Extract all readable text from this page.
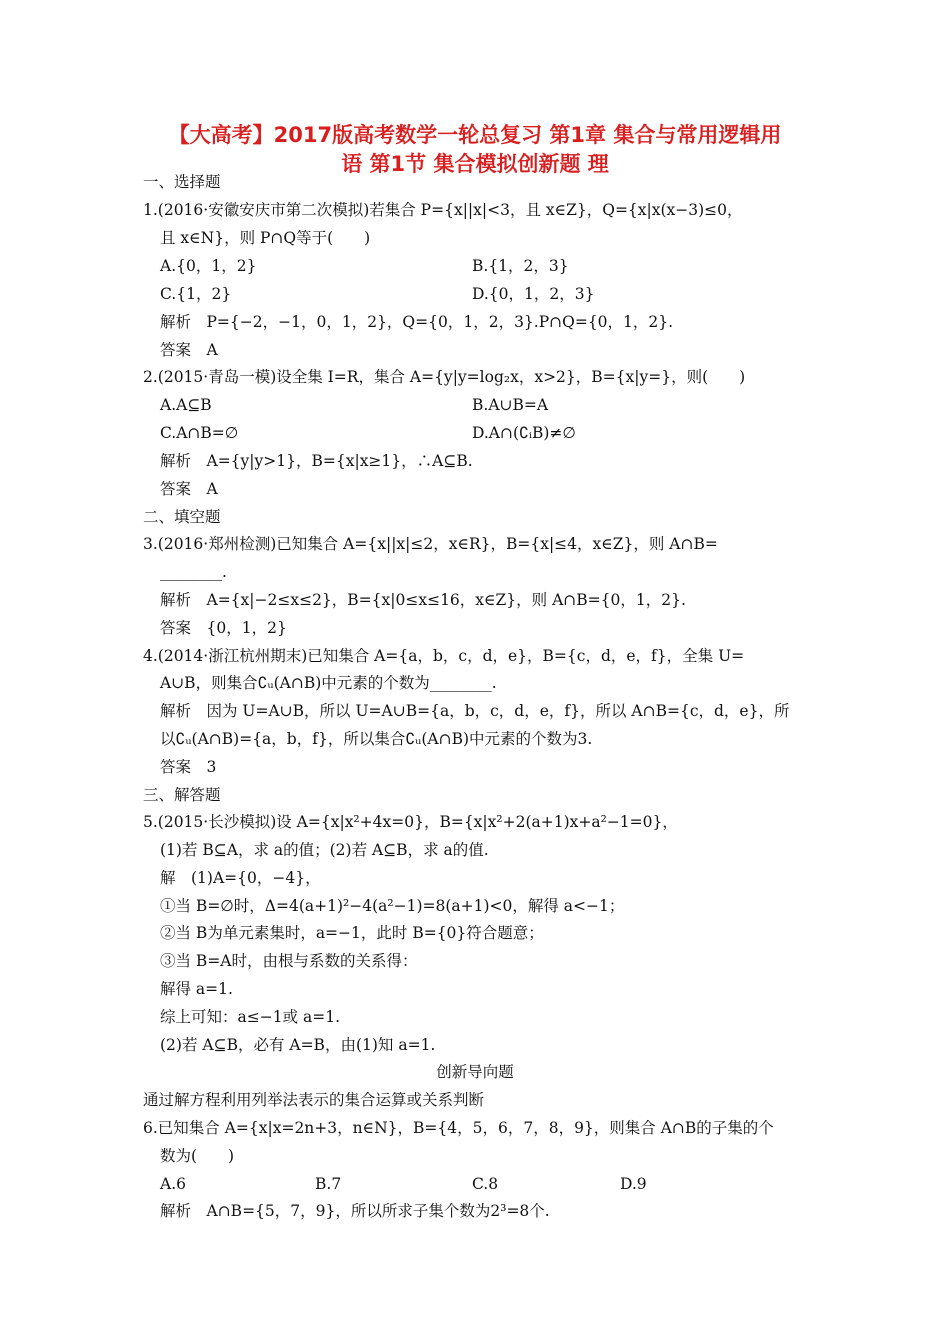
【大高考】2017版高考数学一轮总复习 第1章 集合与常用逻辑用
语 第1节 集合模拟创新题 理
一、选择题
1.(2016·安徽安庆市第二次模拟)若集合 P={x||x|<3，且 x∈Z}，Q={x|x(x−3)≤0，
且 x∈N}，则 P∩Q等于(　　)
A.{0，1，2}	B.{1，2，3}
C.{1，2}	D.{0，1，2，3}
解析　P={−2，−1，0，1，2}，Q={0，1，2，3}.P∩Q={0，1，2}.
答案　A
2.(2015·青岛一模)设全集 I=R，集合 A={y|y=log₂x，x>2}，B={x|y=}，则(　　)
A.A⊆B	B.A∪B=A
C.A∩B=∅	D.A∩(∁ᵢB)≠∅
解析　A={y|y>1}，B={x|x≥1}，∴A⊆B.
答案　A
二、填空题
3.(2016·郑州检测)已知集合 A={x||x|≤2，x∈R}，B={x|≤4，x∈Z}，则 A∩B=
________.
解析　A={x|−2≤x≤2}，B={x|0≤x≤16，x∈Z}，则 A∩B={0，1，2}.
答案　{0，1，2}
4.(2014·浙江杭州期末)已知集合 A={a，b，c，d，e}，B={c，d，e，f}，全集 U=
A∪B，则集合∁ᵤ(A∩B)中元素的个数为________.
解析　因为 U=A∪B，所以 U=A∪B={a，b，c，d，e，f}，所以 A∩B={c，d，e}，所
以∁ᵤ(A∩B)={a，b，f}，所以集合∁ᵤ(A∩B)中元素的个数为3.
答案　3
三、解答题
5.(2015·长沙模拟)设 A={x|x²+4x=0}，B={x|x²+2(a+1)x+a²−1=0}，
(1)若 B⊆A，求 a的值；(2)若 A⊆B，求 a的值.
解　(1)A={0，−4}，
①当 B=∅时，Δ=4(a+1)²−4(a²−1)=8(a+1)<0，解得 a<−1；
②当 B为单元素集时，a=−1，此时 B={0}符合题意；
③当 B=A时，由根与系数的关系得：
解得 a=1.
综上可知：a≤−1或 a=1.
(2)若 A⊆B，必有 A=B，由(1)知 a=1.
创新导向题
通过解方程利用列举法表示的集合运算或关系判断
6.已知集合 A={x|x=2n+3，n∈N}，B={4，5，6，7，8，9}，则集合 A∩B的子集的个
数为(　　)
A.6	B.7	C.8	D.9
解析　A∩B={5，7，9}，所以所求子集个数为2³=8个.
